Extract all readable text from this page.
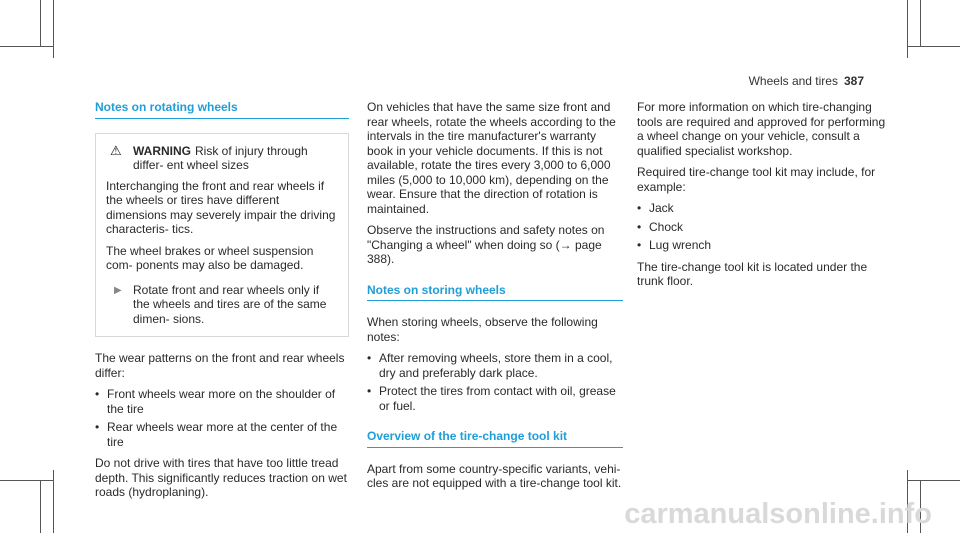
Wheels and tires 387
Notes on rotating wheels
⚠ WARNING Risk of injury through differ- ent wheel sizes

Interchanging the front and rear wheels if the wheels or tires have different dimensions may severely impair the driving characteris- tics.

The wheel brakes or wheel suspension com- ponents may also be damaged.

▶ Rotate front and rear wheels only if the wheels and tires are of the same dimen- sions.

The wear patterns on the front and rear wheels differ:

• Front wheels wear more on the shoulder of the tire
• Rear wheels wear more at the center of the tire

Do not drive with tires that have too little tread depth. This significantly reduces traction on wet roads (hydroplaning).

On vehicles that have the same size front and rear wheels, rotate the wheels according to the intervals in the tire manufacturer's warranty book in your vehicle documents. If this is not available, rotate the tires every 3,000 to 6,000 miles (5,000 to 10,000 km), depending on the wear. Ensure that the direction of rotation is maintained.

Observe the instructions and safety notes on "Changing a wheel" when doing so (→ page 388).

Notes on storing wheels

When storing wheels, observe the following notes:

• After removing wheels, store them in a cool, dry and preferably dark place.
• Protect the tires from contact with oil, grease or fuel.
Overview of the tire-change tool kit

Apart from some country-specific variants, vehi- cles are not equipped with a tire-change tool kit.

For more information on which tire-changing tools are required and approved for performing a wheel change on your vehicle, consult a qualified specialist workshop.

Required tire-change tool kit may include, for example:

• Jack
• Chock
• Lug wrench

The tire-change tool kit is located under the trunk floor.

carmanualsonline.info
